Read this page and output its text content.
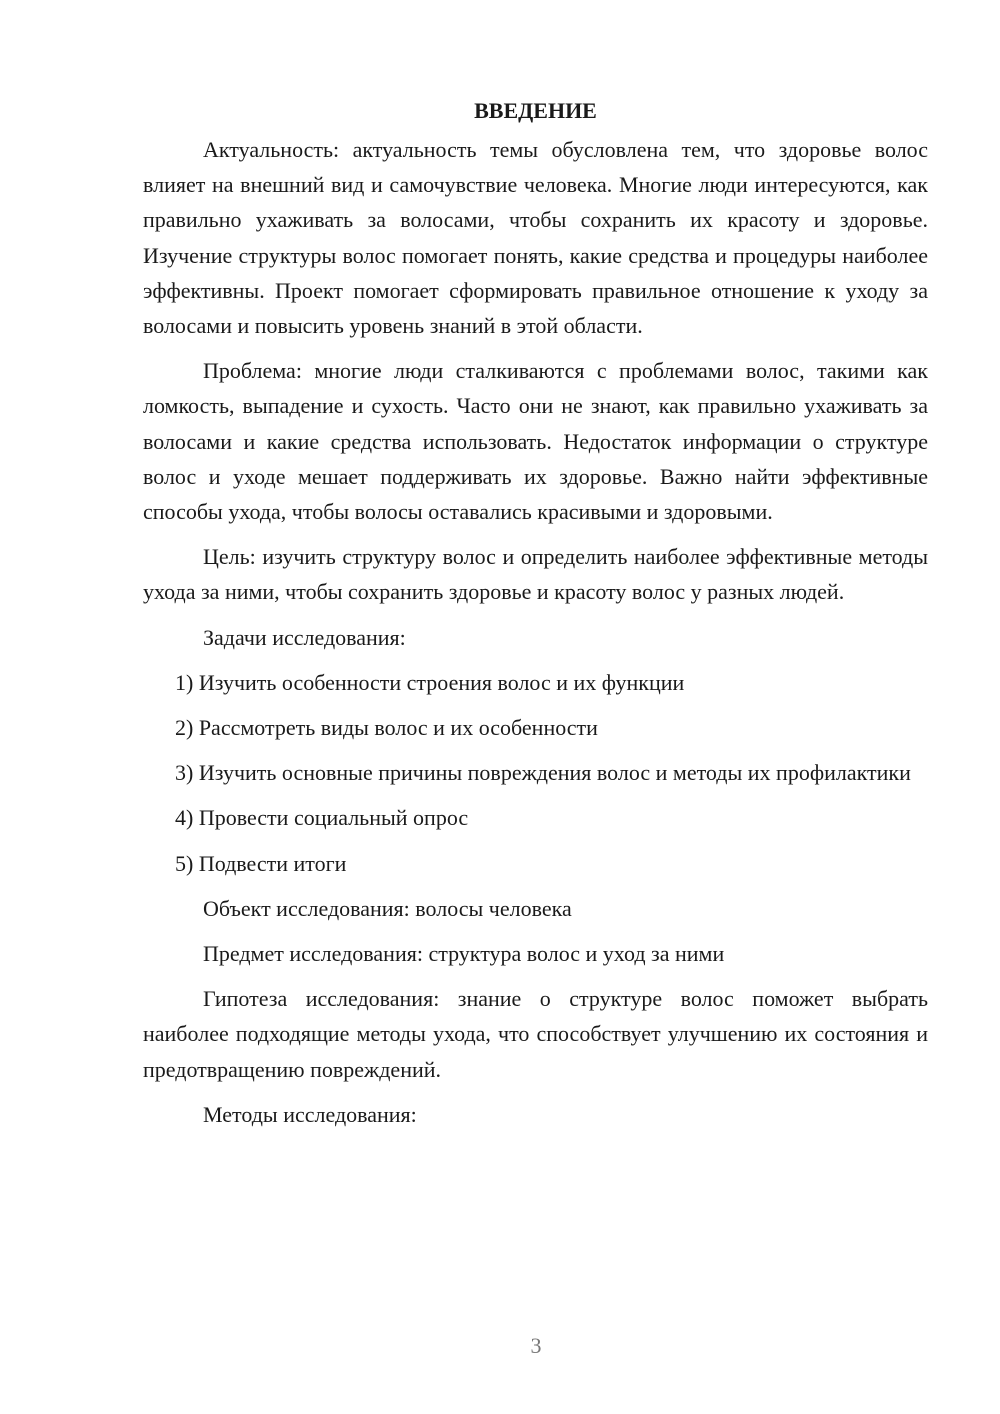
ВВЕДЕНИЕ

Актуальность: актуальность темы обусловлена тем, что здоровье волос влияет на внешний вид и самочувствие человека. Многие люди интересуются, как правильно ухаживать за волосами, чтобы сохранить их красоту и здоровье. Изучение структуры волос помогает понять, какие средства и процедуры наиболее эффективны. Проект помогает сформировать правильное отношение к уходу за волосами и повысить уровень знаний в этой области.

Проблема: многие люди сталкиваются с проблемами волос, такими как ломкость, выпадение и сухость. Часто они не знают, как правильно ухаживать за волосами и какие средства использовать. Недостаток информации о структуре волос и уходе мешает поддерживать их здоровье. Важно найти эффективные способы ухода, чтобы волосы оставались красивыми и здоровыми.

Цель: изучить структуру волос и определить наиболее эффективные методы ухода за ними, чтобы сохранить здоровье и красоту волос у разных людей.

Задачи исследования:

1) Изучить особенности строения волос и их функции

2) Рассмотреть виды волос и их особенности

3) Изучить основные причины повреждения волос и методы их профилактики

4) Провести социальный опрос

5) Подвести итоги

Объект исследования: волосы человека

Предмет исследования: структура волос и уход за ними

Гипотеза исследования: знание о структуре волос поможет выбрать наиболее подходящие методы ухода, что способствует улучшению их состояния и предотвращению повреждений.

Методы исследования:

3
